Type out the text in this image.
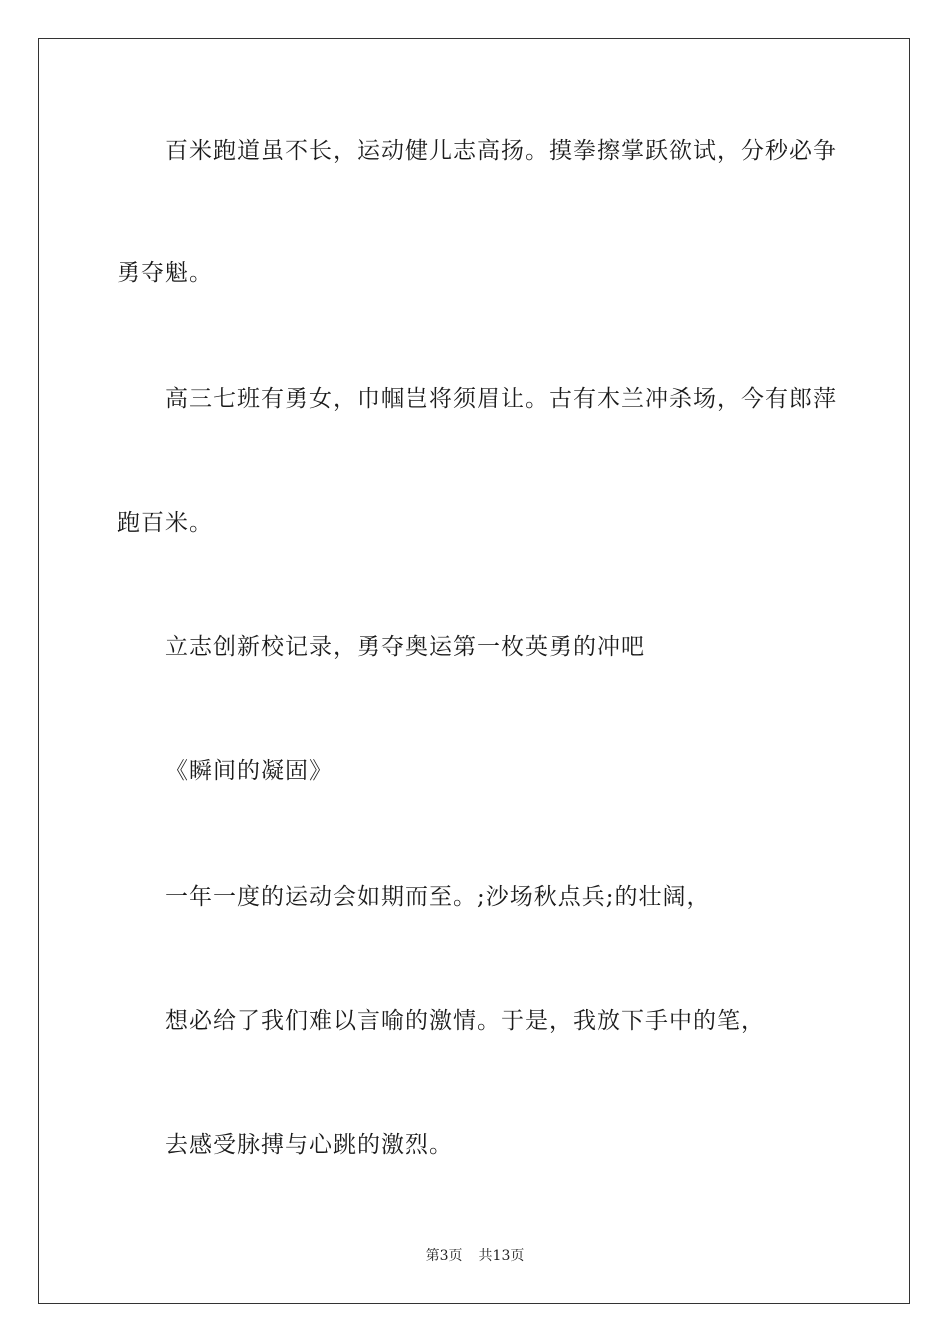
百米跑道虽不长，运动健儿志高扬。摸拳擦掌跃欲试，分秒必争
勇夺魁。
高三七班有勇女，巾帼岂将须眉让。古有木兰冲杀场，今有郎萍
跑百米。
立志创新校记录，勇夺奥运第一枚英勇的冲吧
《瞬间的凝固》
一年一度的运动会如期而至。;沙场秋点兵;的壮阔，
想必给了我们难以言喻的激情。于是，我放下手中的笔，
去感受脉搏与心跳的激烈。
第3页 共13页
